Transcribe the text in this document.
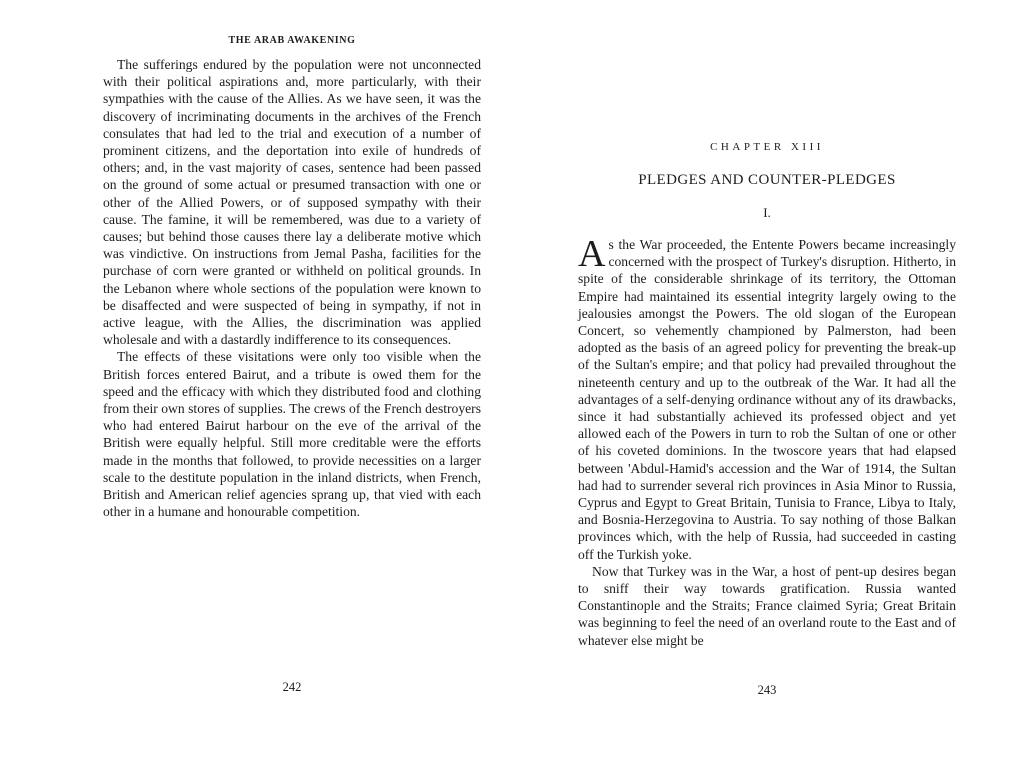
THE ARAB AWAKENING

The sufferings endured by the population were not unconnected with their political aspirations and, more particularly, with their sympathies with the cause of the Allies. As we have seen, it was the discovery of incriminating documents in the archives of the French consulates that had led to the trial and execution of a number of prominent citizens, and the deportation into exile of hundreds of others; and, in the vast majority of cases, sentence had been passed on the ground of some actual or presumed transaction with one or other of the Allied Powers, or of supposed sympathy with their cause. The famine, it will be remembered, was due to a variety of causes; but behind those causes there lay a deliberate motive which was vindictive. On instructions from Jemal Pasha, facilities for the purchase of corn were granted or withheld on political grounds. In the Lebanon where whole sections of the population were known to be disaffected and were suspected of being in sympathy, if not in active league, with the Allies, the discrimination was applied wholesale and with a dastardly indifference to its consequences.

The effects of these visitations were only too visible when the British forces entered Bairut, and a tribute is owed them for the speed and the efficacy with which they distributed food and clothing from their own stores of supplies. The crews of the French destroyers who had entered Bairut harbour on the eve of the arrival of the British were equally helpful. Still more creditable were the efforts made in the months that followed, to provide necessities on a larger scale to the destitute population in the inland districts, when French, British and American relief agencies sprang up, that vied with each other in a humane and honourable competition.

242
CHAPTER XIII
PLEDGES AND COUNTER-PLEDGES
I.

As the War proceeded, the Entente Powers became increasingly concerned with the prospect of Turkey's disruption. Hitherto, in spite of the considerable shrinkage of its territory, the Ottoman Empire had maintained its essential integrity largely owing to the jealousies amongst the Powers. The old slogan of the European Concert, so vehemently championed by Palmerston, had been adopted as the basis of an agreed policy for preventing the break-up of the Sultan's empire; and that policy had prevailed throughout the nineteenth century and up to the outbreak of the War. It had all the advantages of a self-denying ordinance without any of its drawbacks, since it had substantially achieved its professed object and yet allowed each of the Powers in turn to rob the Sultan of one or other of his coveted dominions. In the twoscore years that had elapsed between 'Abdul-Hamid's accession and the War of 1914, the Sultan had had to surrender several rich provinces in Asia Minor to Russia, Cyprus and Egypt to Great Britain, Tunisia to France, Libya to Italy, and Bosnia-Herzegovina to Austria. To say nothing of those Balkan provinces which, with the help of Russia, had succeeded in casting off the Turkish yoke.

Now that Turkey was in the War, a host of pent-up desires began to sniff their way towards gratification. Russia wanted Constantinople and the Straits; France claimed Syria; Great Britain was beginning to feel the need of an overland route to the East and of whatever else might be

243
